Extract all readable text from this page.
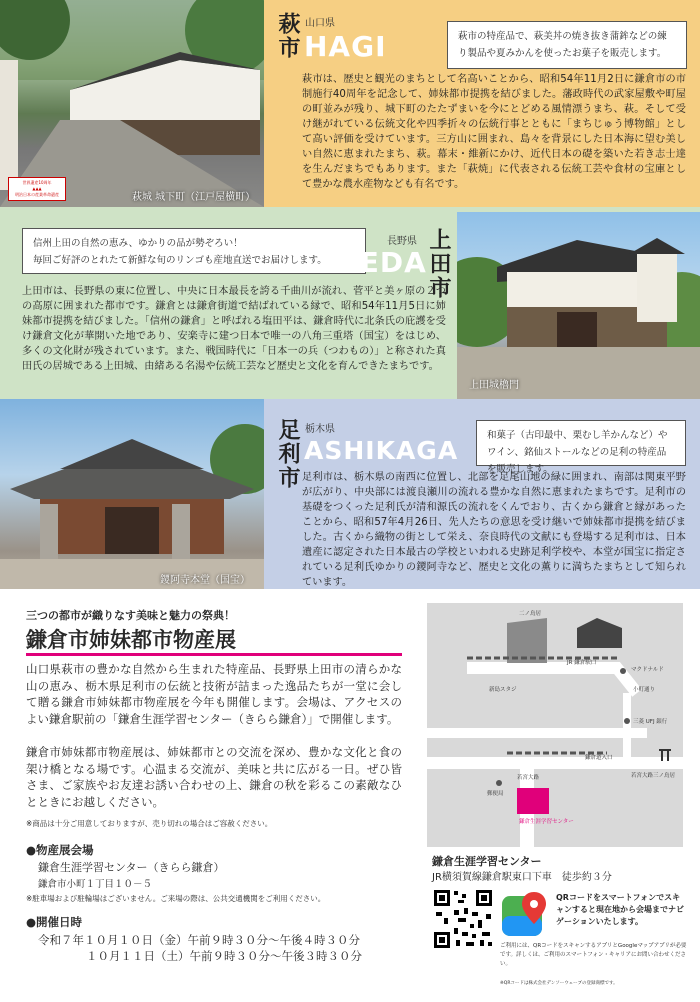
世界遺産10周年
▲▲▲
明治日本の産業革命遺産	萩城 城下町（江戸屋横町）
萩市 山口県
HAGI	萩市の特産品で、萩美丼の焼き抜き蒲鉾などの練り製品や夏みかんを使ったお菓子を販売します。
萩市は、歴史と観光のまちとして名高いことから、昭和54年11月2日に鎌倉市の市制施行40周年を記念して、姉妹都市提携を結びました。藩政時代の武家屋敷や町屋の町並みが残り、城下町のたたずまいを今にとどめる風情漂うまち、萩。そして受け継がれている伝統文化や四季折々の伝統行事とともに「まちじゅう博物館」として高い評価を受けています。三方山に囲まれ、島々を背景にした日本海に望む美しい自然に恵まれたまち、萩。幕末・維新にかけ、近代日本の礎を築いた若き志士達を生んだまちでもあります。また「萩焼」に代表される伝統工芸や食材の宝庫として豊かな農水産物なども有名です。
信州上田の自然の恵み、ゆかりの品が勢ぞろい！
毎回ご好評のとれたて新鮮な旬のリンゴも産地直送でお届けします。
長野県
UEDA 上田市
上田市は、長野県の東に位置し、中央に日本最長を誇る千曲川が流れ、菅平と美ヶ原の２つの高原に囲まれた都市です。鎌倉とは鎌倉街道で結ばれている縁で、昭和54年11月5日に姉妹都市提携を結びました。「信州の鎌倉」と呼ばれる塩田平は、鎌倉時代に北条氏の庇護を受け鎌倉文化が華開いた地であり、安楽寺に建つ日本で唯一の八角三重塔（国宝）をはじめ、多くの文化財が残されています。また、戦国時代に「日本一の兵（つわもの）」と称された真田氏の居城である上田城、由緒ある名湯や伝統工芸など歴史と文化を育んできたまちです。
上田城櫓門
鑁阿寺本堂（国宝）
足利市 栃木県
ASHIKAGA
和菓子（古印最中、栗むし羊かんなど）やワイン、銘仙ストールなどの足利の特産品を販売します。
足利市は、栃木県の南西に位置し、北部を足尾山地の緑に囲まれ、南部は関東平野が広がり、中央部には渡良瀬川の流れる豊かな自然に恵まれたまちです。足利市の基礎をつくった足利氏が清和源氏の流れをくんでおり、古くから鎌倉と縁があったことから、昭和57年4月26日、先人たちの意思を受け継いで姉妹都市提携を結びました。古くから織物の街として栄え、奈良時代の文献にも登場する足利市は、日本遺産に認定された日本最古の学校といわれる史跡足利学校や、本堂が国宝に指定されている足利氏ゆかりの鑁阿寺など、歴史と文化の薫りに満ちたまちとして知られています。
三つの都市が織りなす美味と魅力の祭典！
鎌倉市姉妹都市物産展
山口県萩市の豊かな自然から生まれた特産品、長野県上田市の清らかな山の恵み、栃木県足利市の伝統と技術が詰まった逸品たちが一堂に会して贈る鎌倉市姉妹都市物産展を今年も開催します。会場は、アクセスのよい鎌倉駅前の「鎌倉生涯学習センター（きらら鎌倉）」で開催します。
鎌倉市姉妹都市物産展は、姉妹都市との交流を深め、豊かな文化と食の架け橋となる場です。心温まる交流が、美味と共に広がる一日。ぜひ皆さま、ご家族やお友達お誘い合わせの上、鎌倉の秋を彩るこの素敵なひとときにお越しください。
※商品は十分ご用意しておりますが、売り切れの場合はご容赦ください。
●物産展会場
鎌倉生涯学習センター（きらら鎌倉）
鎌倉市小町１丁目１０－５
※駐車場および駐輪場はございません。ご来場の際は、公共交通機関をご利用ください。
●開催日時
令和７年１０月１０日（金）午前９時３０分～午後４時３０分
１０月１１日（土）午前９時３０分～午後３時３０分
JR 鎌倉駅口
二ノ鳥居
マクドナルド
小町通り
三菱 UFJ 銀行
新島スタジ
鎌倉道入口
若宮大路
郵便局
鎌倉生涯学習センター
若宮大路三ノ鳥居
鎌倉生涯学習センター
JR横須賀線鎌倉駅東口下車　徒歩約３分
QRコードをスマートフォンでスキャンすると現在地から会場までナビゲーションいたします。
ご利用には、QRコードをスキャンするアプリとGoogleマップアプリが必要です。詳しくは、ご利用のスマートフォン・キャリアにお問い合わせください。
※QRコードは株式会社デンソーウェーブの登録商標です。
